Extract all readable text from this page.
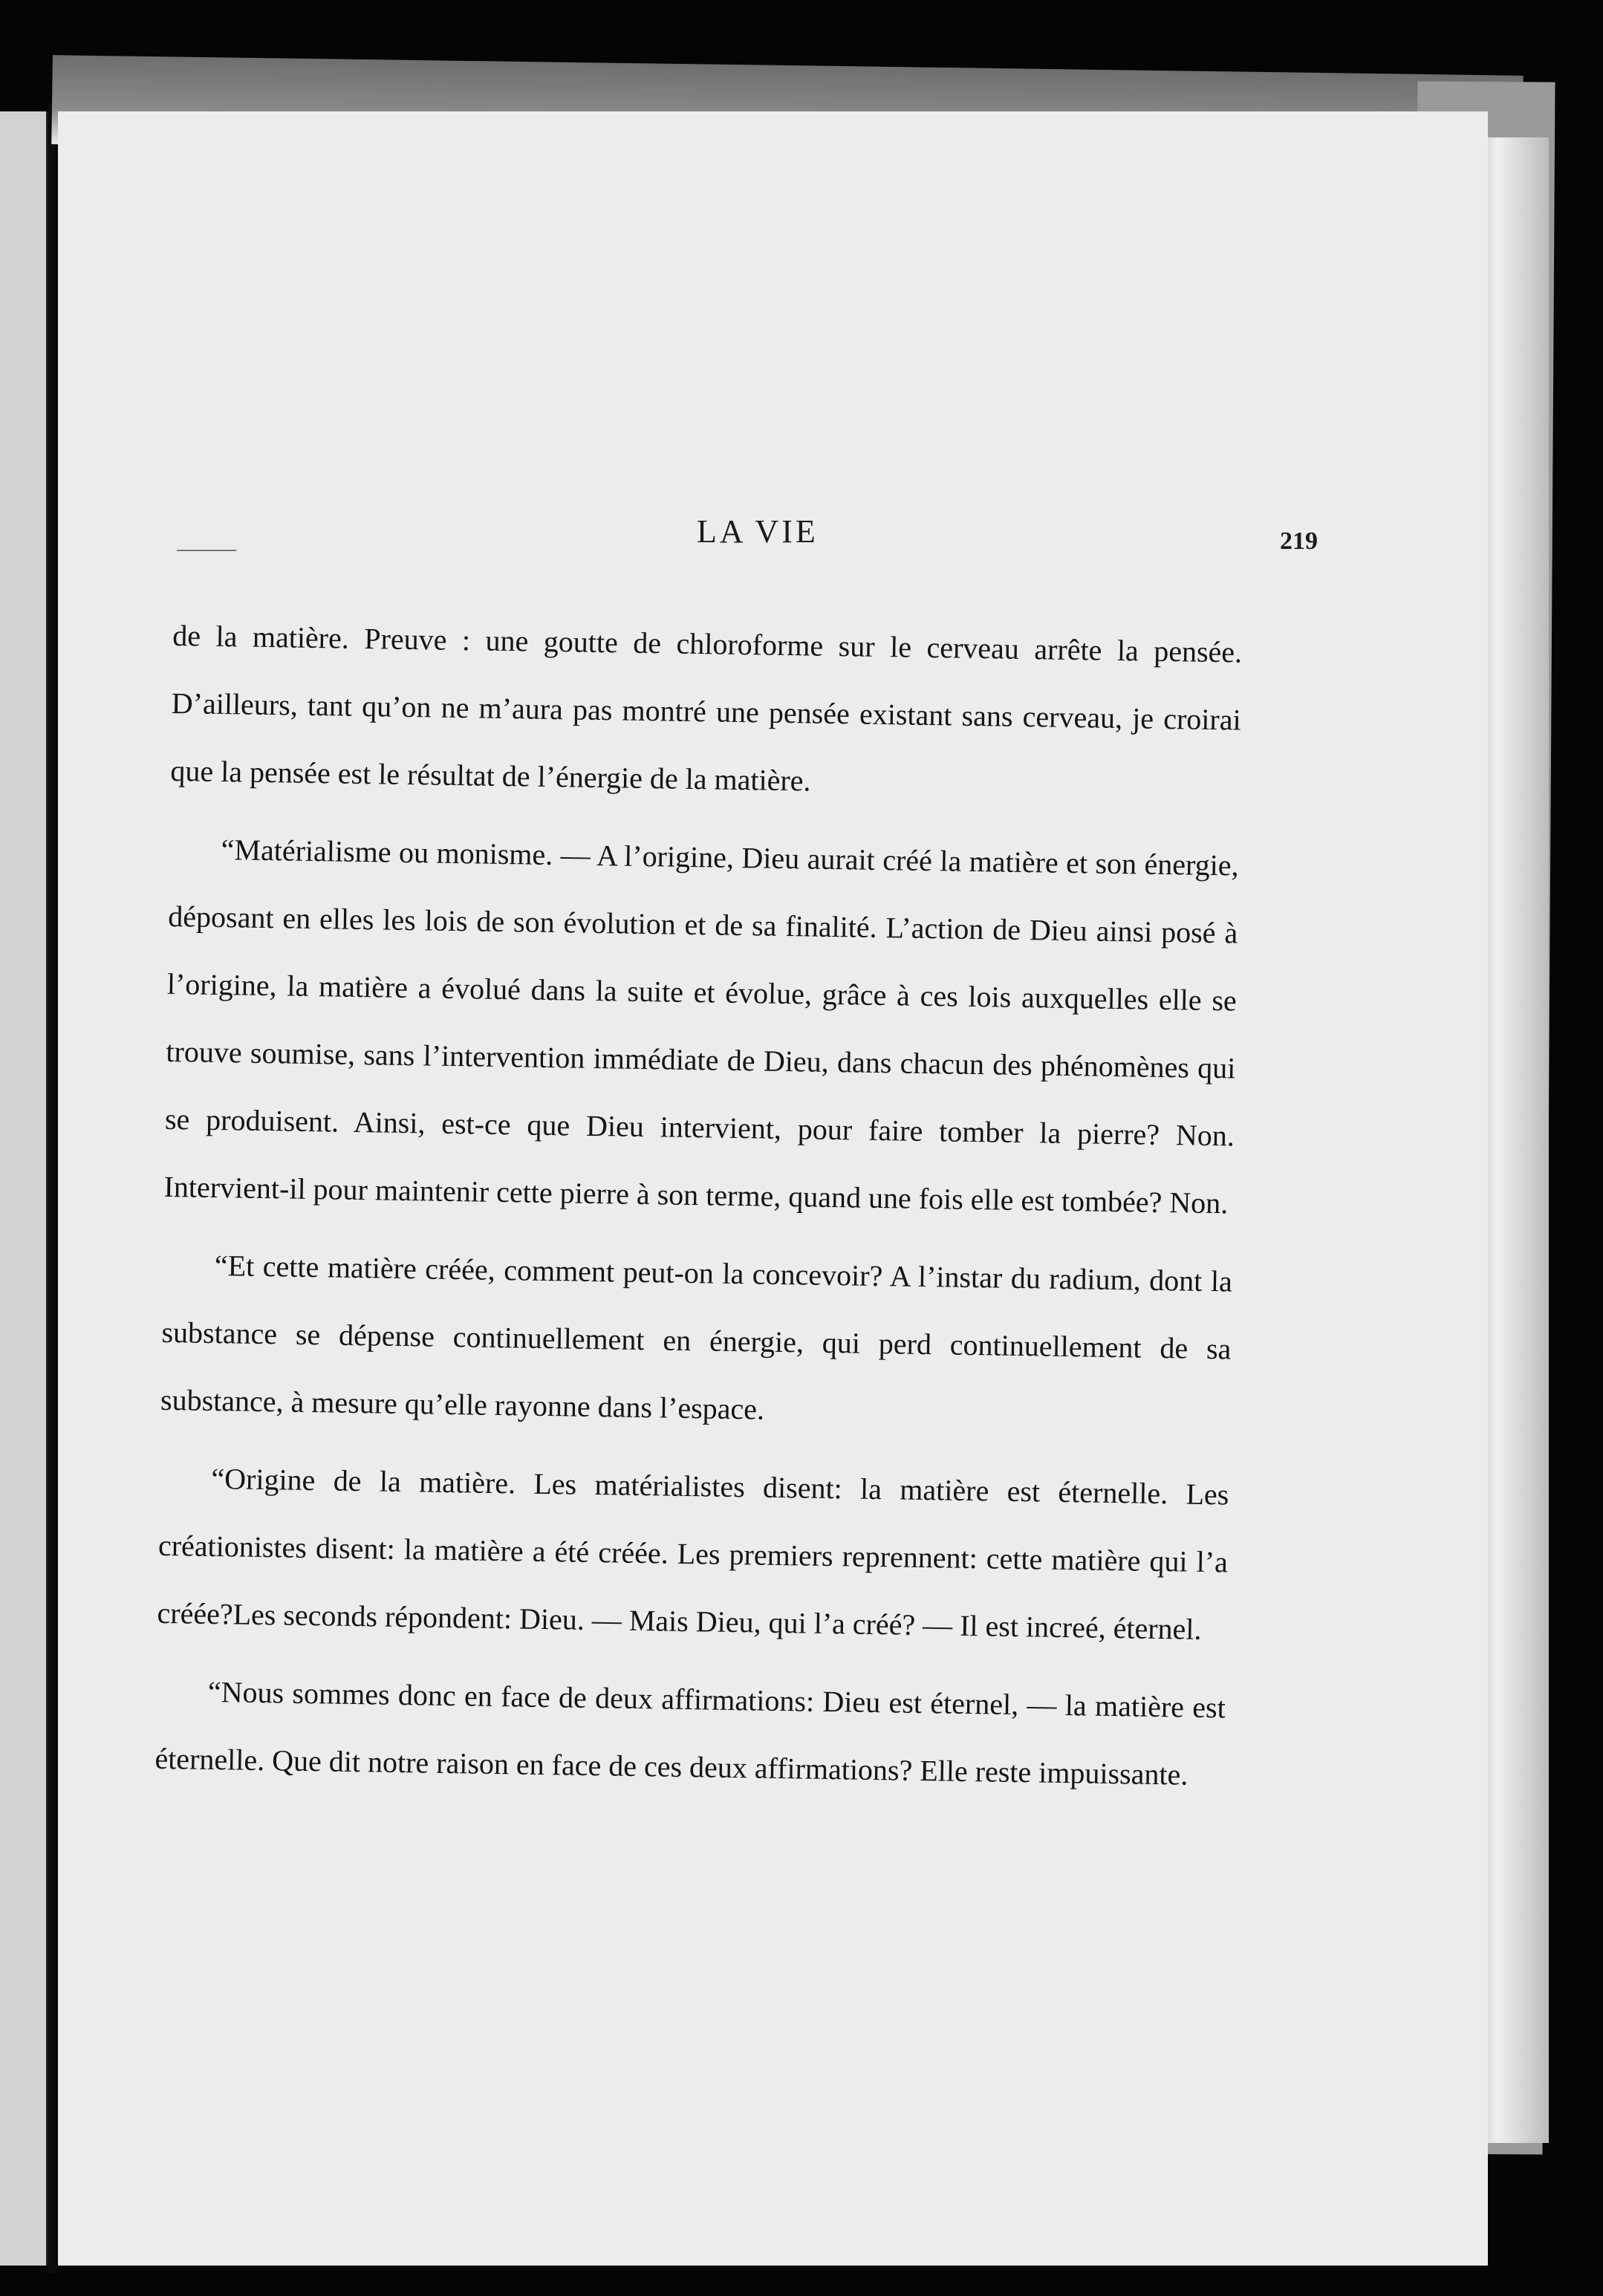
LA VIE	219

de la matière. Preuve : une goutte de chloroforme sur le cerveau arrête la pensée. D’ailleurs, tant qu’on ne m’aura pas montré une pensée existant sans cerveau, je croirai que la pensée est le résultat de l’énergie de la matière.

“Matérialisme ou monisme. — A l’origine, Dieu aurait créé la matière et son énergie, déposant en elles les lois de son évolution et de sa finalité. L’action de Dieu ainsi posé à l’origine, la matière a évolué dans la suite et évolue, grâce à ces lois auxquelles elle se trouve soumise, sans l’intervention immédiate de Dieu, dans chacun des phénomènes qui se produisent. Ainsi, est-ce que Dieu intervient, pour faire tomber la pierre? Non. Intervient-il pour maintenir cette pierre à son terme, quand une fois elle est tombée? Non.

“Et cette matière créée, comment peut-on la concevoir? A l’instar du radium, dont la substance se dépense continuellement en énergie, qui perd continuellement de sa substance, à mesure qu’elle rayonne dans l’espace.

“Origine de la matière. Les matérialistes disent: la matière est éternelle. Les créationistes disent: la matière a été créée. Les premiers reprennent: cette matière qui l’a créée?Les seconds répondent: Dieu. — Mais Dieu, qui l’a créé? — Il est increé, éternel.

“Nous sommes donc en face de deux affirmations: Dieu est éternel, — la matière est éternelle. Que dit notre raison en face de ces deux affirmations? Elle reste impuissante.
